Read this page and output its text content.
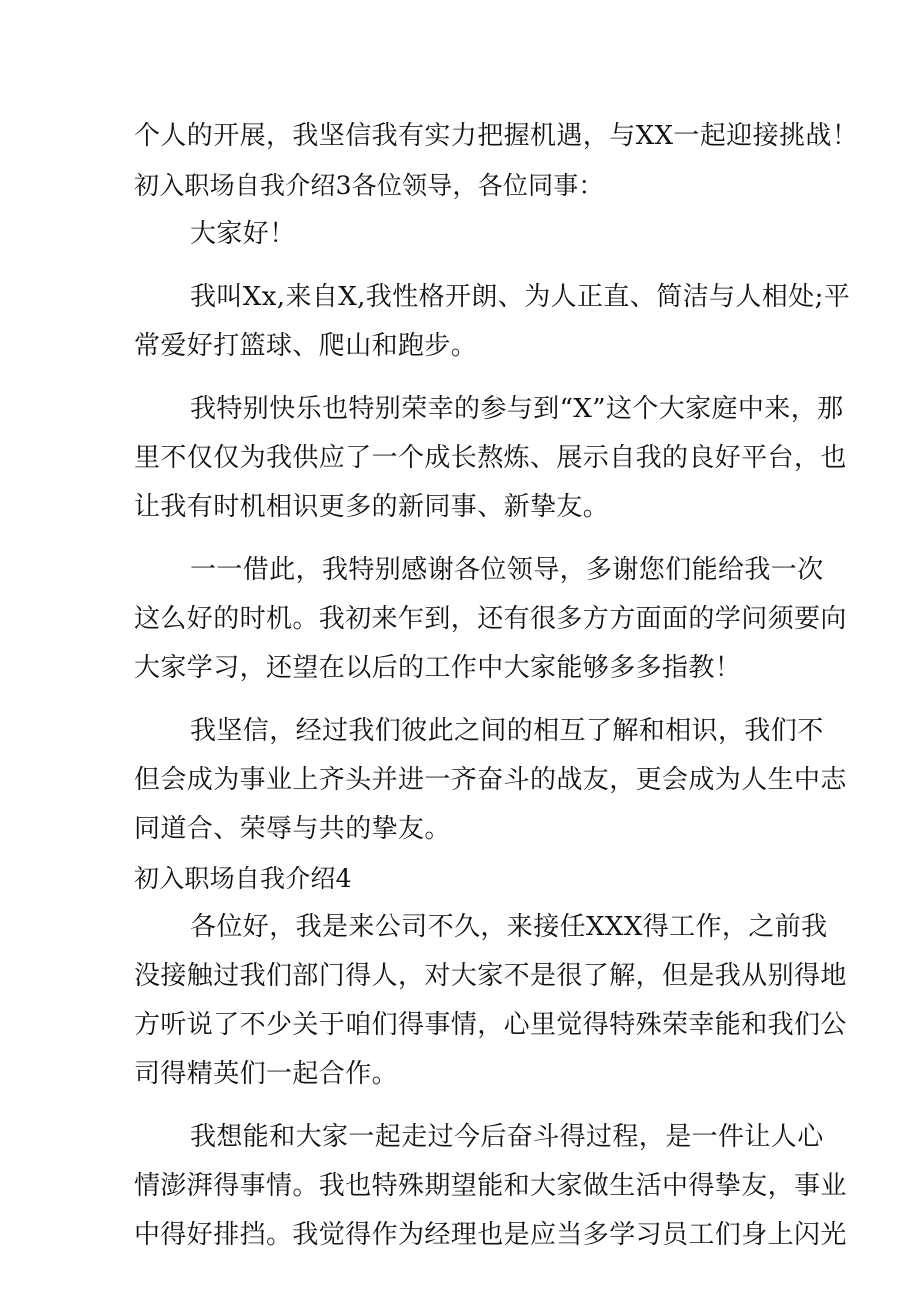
个人的开展，我坚信我有实力把握机遇，与XX一起迎接挑战！
初入职场自我介绍3各位领导，各位同事：
大家好！
我叫Xx,来自X,我性格开朗、为人正直、简洁与人相处;平
常爱好打篮球、爬山和跑步。
我特别快乐也特别荣幸的参与到“X”这个大家庭中来，那
里不仅仅为我供应了一个成长熬炼、展示自我的良好平台，也
让我有时机相识更多的新同事、新挚友。
一一借此，我特别感谢各位领导，多谢您们能给我一次
这么好的时机。我初来乍到，还有很多方方面面的学问须要向
大家学习，还望在以后的工作中大家能够多多指教！
我坚信，经过我们彼此之间的相互了解和相识，我们不
但会成为事业上齐头并进一齐奋斗的战友，更会成为人生中志
同道合、荣辱与共的挚友。
初入职场自我介绍4
各位好，我是来公司不久，来接任XXX得工作，之前我
没接触过我们部门得人，对大家不是很了解，但是我从别得地
方听说了不少关于咱们得事情，心里觉得特殊荣幸能和我们公
司得精英们一起合作。
我想能和大家一起走过今后奋斗得过程，是一件让人心
情澎湃得事情。我也特殊期望能和大家做生活中得挚友，事业
中得好排挡。我觉得作为经理也是应当多学习员工们身上闪光
